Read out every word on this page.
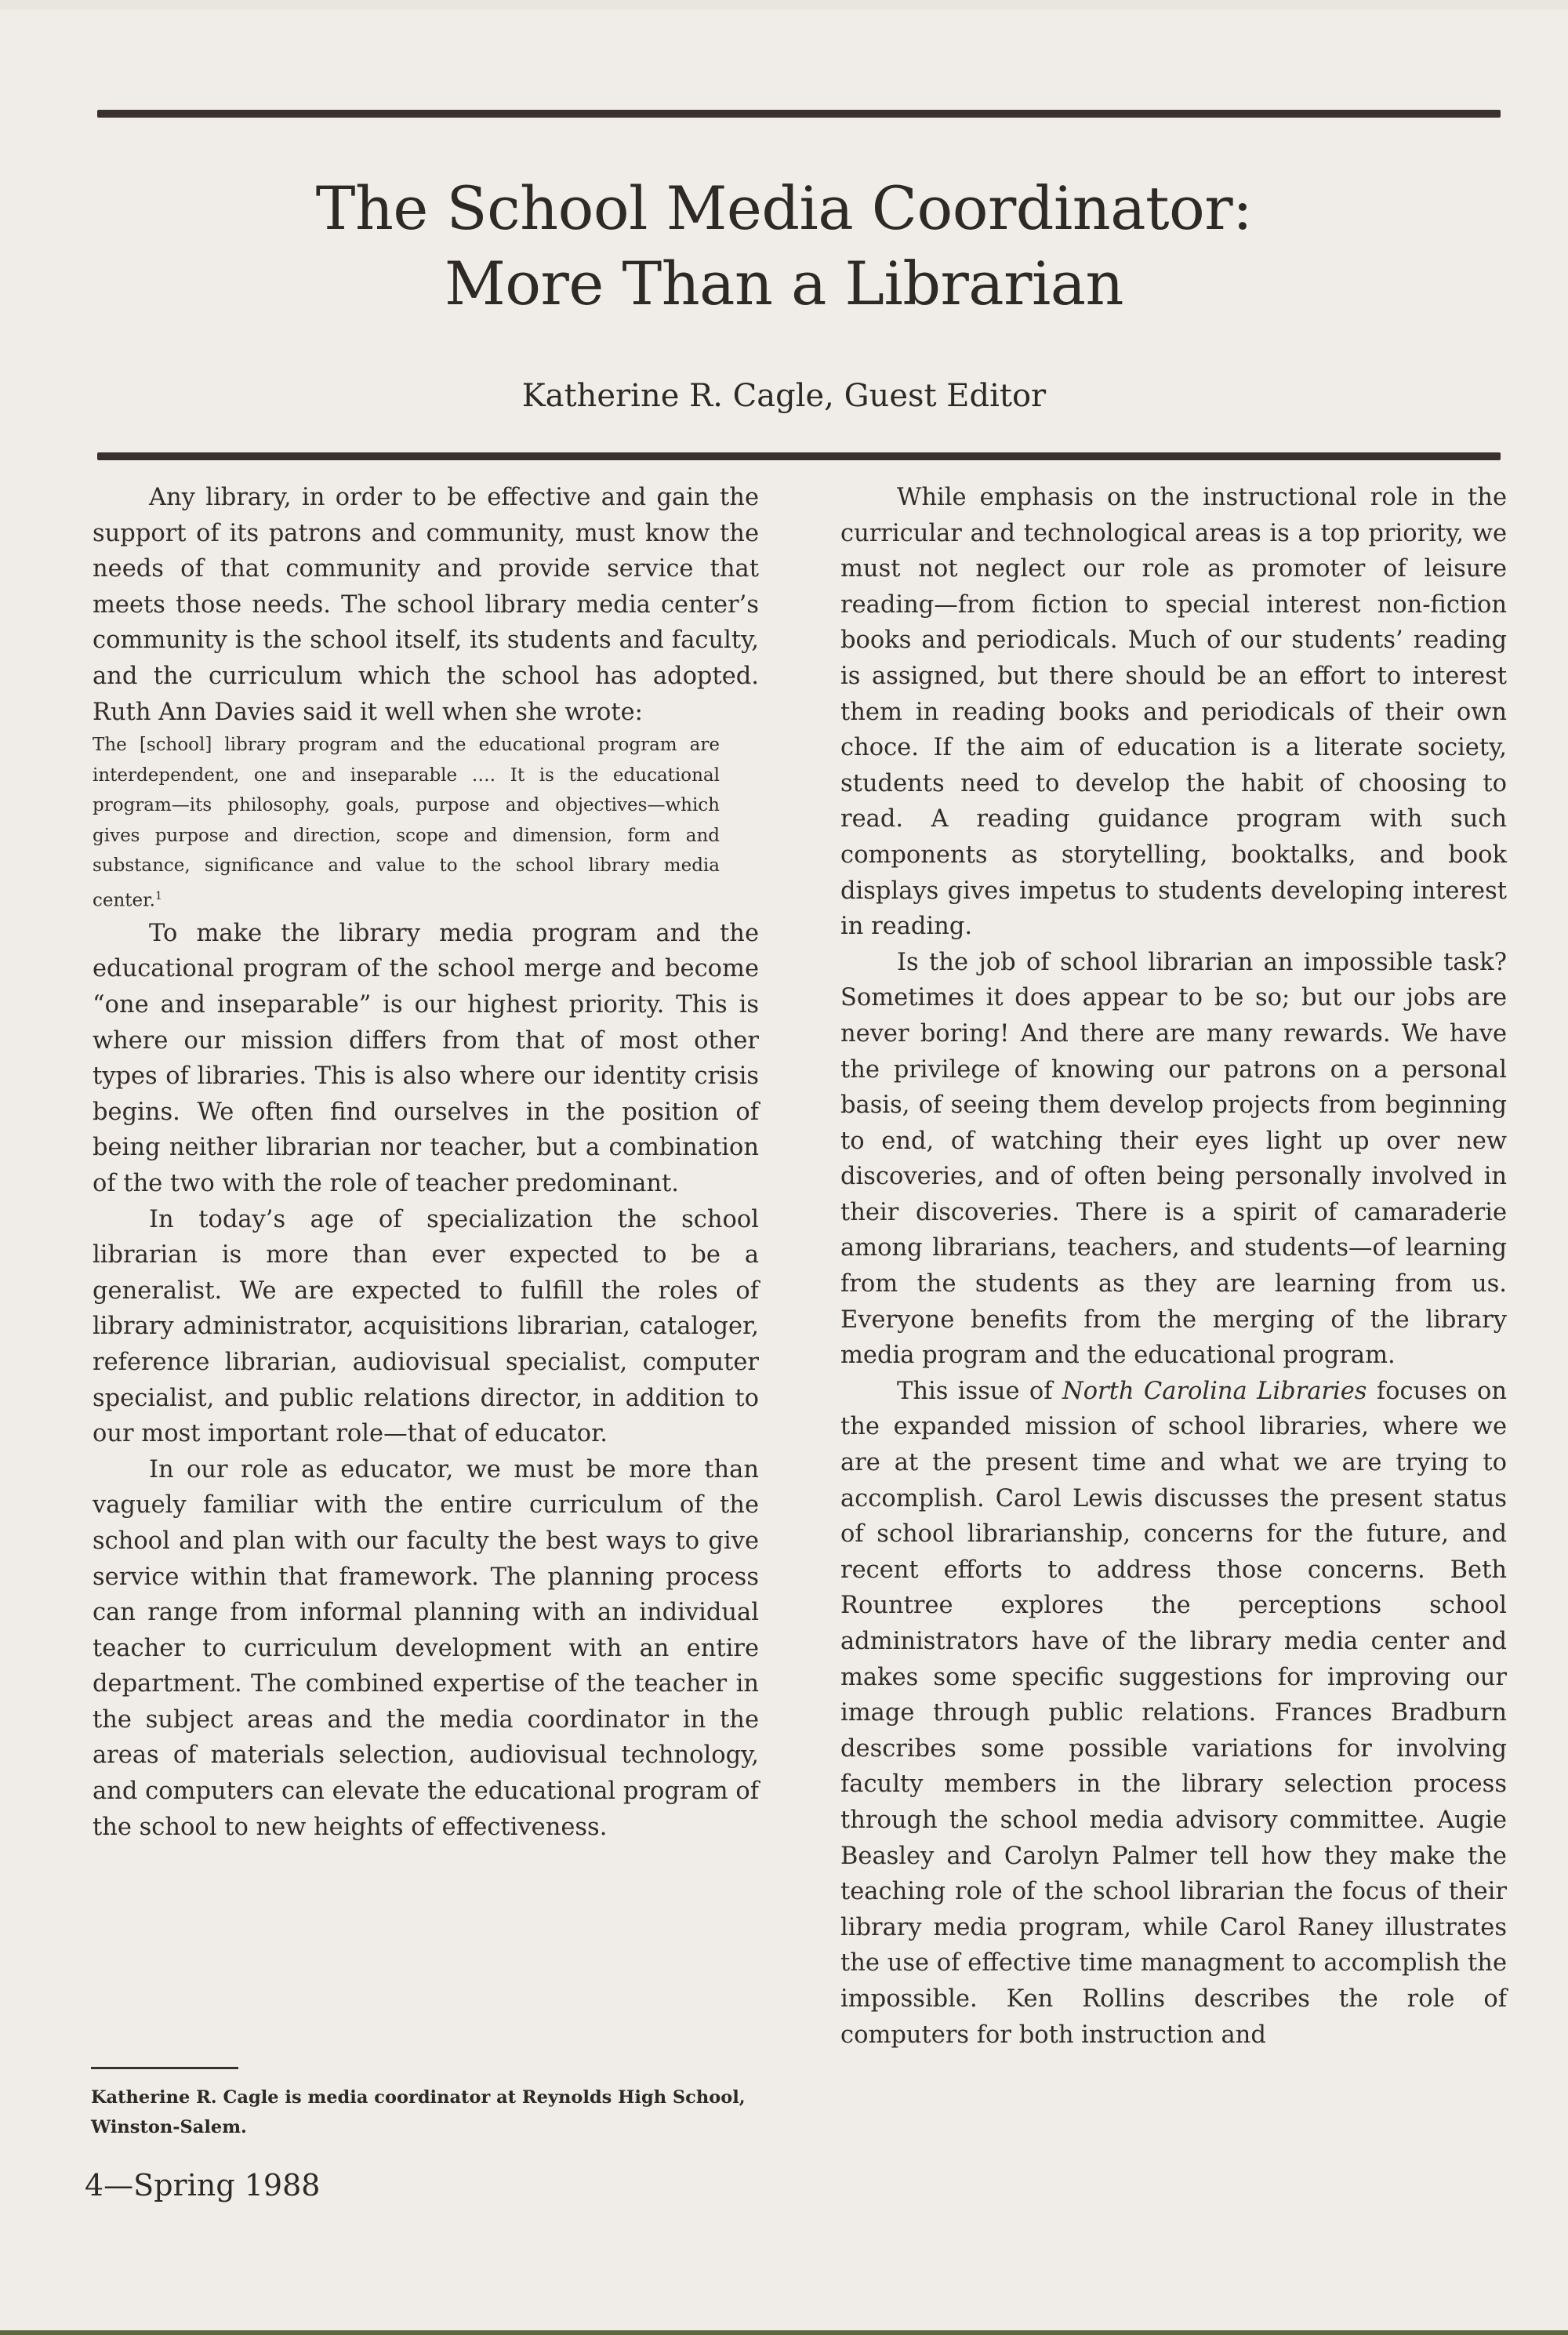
The School Media Coordinator:
More Than a Librarian
Katherine R. Cagle, Guest Editor

Any library, in order to be effective and gain the support of its patrons and community, must know the needs of that community and provide service that meets those needs. The school library media center’s community is the school itself, its students and faculty, and the curriculum which the school has adopted. Ruth Ann Davies said it well when she wrote:

The [school] library program and the educational program are interdependent, one and inseparable …. It is the educational program—its philosophy, goals, purpose and objectives—which gives purpose and direction, scope and dimension, form and substance, significance and value to the school library media center.$^1$

To make the library media program and the educational program of the school merge and become “one and inseparable” is our highest priority. This is where our mission differs from that of most other types of libraries. This is also where our identity crisis begins. We often find ourselves in the position of being neither librarian nor teacher, but a combination of the two with the role of teacher predominant.

In today’s age of specialization the school librarian is more than ever expected to be a generalist. We are expected to fulfill the roles of library administrator, acquisitions librarian, cataloger, reference librarian, audiovisual specialist, computer specialist, and public relations director, in addition to our most important role—that of educator.

In our role as educator, we must be more than vaguely familiar with the entire curriculum of the school and plan with our faculty the best ways to give service within that framework. The planning process can range from informal planning with an individual teacher to curriculum development with an entire department. The combined expertise of the teacher in the subject areas and the media coordinator in the areas of materials selection, audiovisual technology, and computers can elevate the educational program of the school to new heights of effectiveness.

Katherine R. Cagle is media coordinator at Reynolds High School, Winston-Salem.
4—Spring 1988

While emphasis on the instructional role in the curricular and technological areas is a top priority, we must not neglect our role as promoter of leisure reading—from fiction to special interest non-fiction books and periodicals. Much of our students’ reading is assigned, but there should be an effort to interest them in reading books and periodicals of their own choce. If the aim of education is a literate society, students need to develop the habit of choosing to read. A reading guidance program with such components as storytelling, booktalks, and book displays gives impetus to students developing interest in reading.

Is the job of school librarian an impossible task? Sometimes it does appear to be so; but our jobs are never boring! And there are many rewards. We have the privilege of knowing our patrons on a personal basis, of seeing them develop projects from beginning to end, of watching their eyes light up over new discoveries, and of often being personally involved in their discoveries. There is a spirit of camaraderie among librarians, teachers, and students—of learning from the students as they are learning from us. Everyone benefits from the merging of the library media program and the educational program.

This issue of North Carolina Libraries focuses on the expanded mission of school libraries, where we are at the present time and what we are trying to accomplish. Carol Lewis discusses the present status of school librarianship, concerns for the future, and recent efforts to address those concerns. Beth Rountree explores the perceptions school administrators have of the library media center and makes some specific suggestions for improving our image through public relations. Frances Bradburn describes some possible variations for involving faculty members in the library selection process through the school media advisory committee. Augie Beasley and Carolyn Palmer tell how they make the teaching role of the school librarian the focus of their library media program, while Carol Raney illustrates the use of effective time managment to accomplish the impossible. Ken Rollins describes the role of computers for both instruction and
